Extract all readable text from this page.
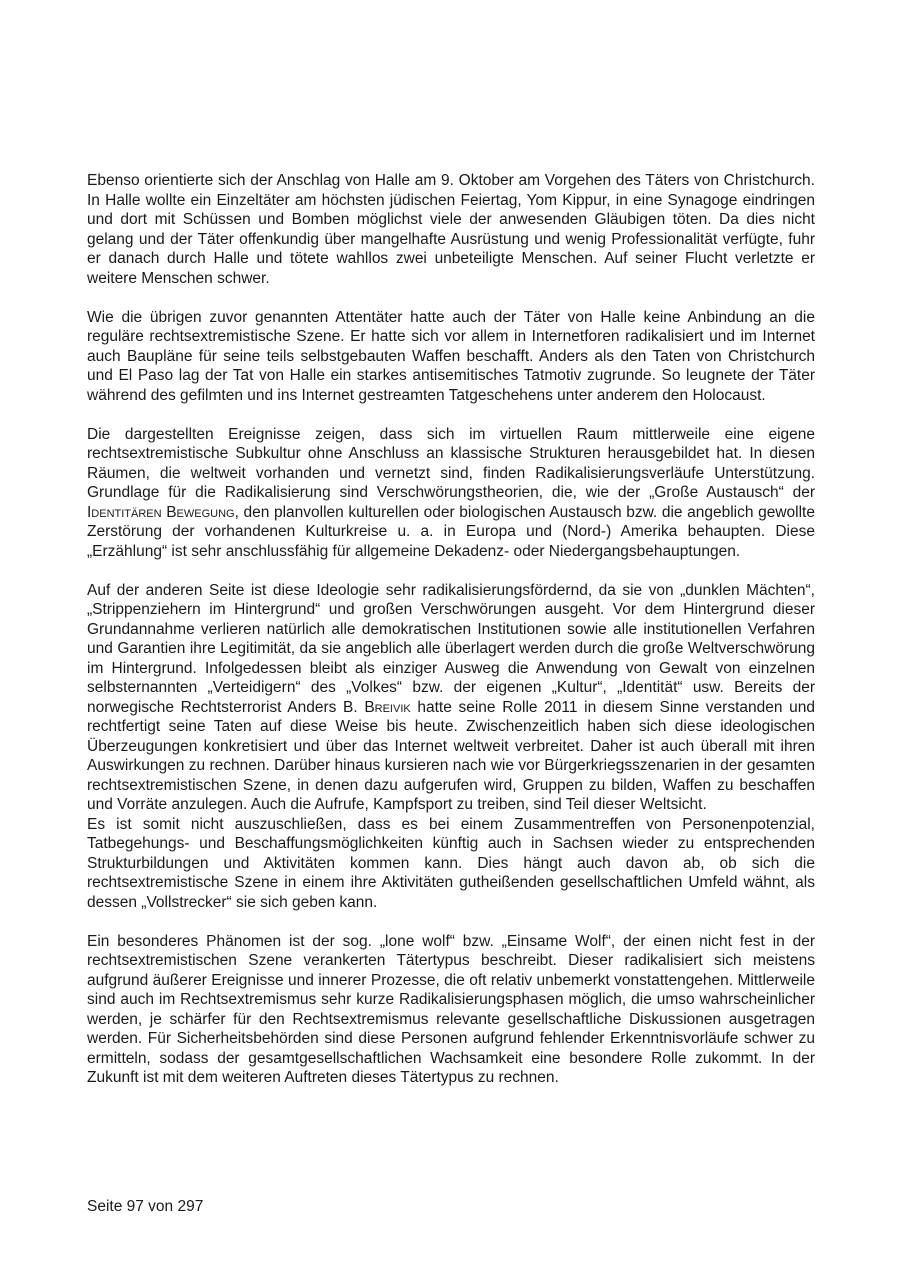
Ebenso orientierte sich der Anschlag von Halle am 9. Oktober am Vorgehen des Täters von Christchurch. In Halle wollte ein Einzeltäter am höchsten jüdischen Feiertag, Yom Kippur, in eine Synagoge eindringen und dort mit Schüssen und Bomben möglichst viele der anwesenden Gläubigen töten. Da dies nicht gelang und der Täter offenkundig über mangelhafte Ausrüstung und wenig Professionalität verfügte, fuhr er danach durch Halle und tötete wahllos zwei unbeteiligte Menschen. Auf seiner Flucht verletzte er weitere Menschen schwer.

Wie die übrigen zuvor genannten Attentäter hatte auch der Täter von Halle keine Anbindung an die reguläre rechtsextremistische Szene. Er hatte sich vor allem in Internetforen radikalisiert und im Internet auch Baupläne für seine teils selbstgebauten Waffen beschafft. Anders als den Taten von Christchurch und El Paso lag der Tat von Halle ein starkes antisemitisches Tatmotiv zugrunde. So leugnete der Täter während des gefilmten und ins Internet gestreamten Tatgeschehens unter anderem den Holocaust.

Die dargestellten Ereignisse zeigen, dass sich im virtuellen Raum mittlerweile eine eigene rechtsextremistische Subkultur ohne Anschluss an klassische Strukturen herausgebildet hat. In diesen Räumen, die weltweit vorhanden und vernetzt sind, finden Radikalisierungsverläufe Unterstützung. Grundlage für die Radikalisierung sind Verschwörungstheorien, die, wie der „Große Austausch“ der Identitären Bewegung, den planvollen kulturellen oder biologischen Austausch bzw. die angeblich gewollte Zerstörung der vorhandenen Kulturkreise u. a. in Europa und (Nord-) Amerika behaupten. Diese „Erzählung“ ist sehr anschlussfähig für allgemeine Dekadenz- oder Niedergangsbehauptungen.

Auf der anderen Seite ist diese Ideologie sehr radikalisierungsfördernd, da sie von „dunklen Mächten“, „Strippenziehern im Hintergrund“ und großen Verschwörungen ausgeht. Vor dem Hintergrund dieser Grundannahme verlieren natürlich alle demokratischen Institutionen sowie alle institutionellen Verfahren und Garantien ihre Legitimität, da sie angeblich alle überlagert werden durch die große Weltverschwörung im Hintergrund. Infolgedessen bleibt als einziger Ausweg die Anwendung von Gewalt von einzelnen selbsternannten „Verteidigern“ des „Volkes“ bzw. der eigenen „Kultur“, „Identität“ usw. Bereits der norwegische Rechtsterrorist Anders B. Breivik hatte seine Rolle 2011 in diesem Sinne verstanden und rechtfertigt seine Taten auf diese Weise bis heute. Zwischenzeitlich haben sich diese ideologischen Überzeugungen konkretisiert und über das Internet weltweit verbreitet. Daher ist auch überall mit ihren Auswirkungen zu rechnen. Darüber hinaus kursieren nach wie vor Bürgerkriegsszenarien in der gesamten rechtsextremistischen Szene, in denen dazu aufgerufen wird, Gruppen zu bilden, Waffen zu beschaffen und Vorräte anzulegen. Auch die Aufrufe, Kampfsport zu treiben, sind Teil dieser Weltsicht.

Es ist somit nicht auszuschließen, dass es bei einem Zusammentreffen von Personenpotenzial, Tatbegehungs- und Beschaffungsmöglichkeiten künftig auch in Sachsen wieder zu entsprechenden Strukturbildungen und Aktivitäten kommen kann. Dies hängt auch davon ab, ob sich die rechtsextremistische Szene in einem ihre Aktivitäten gutheißenden gesellschaftlichen Umfeld wähnt, als dessen „Vollstrecker“ sie sich geben kann.

Ein besonderes Phänomen ist der sog. „lone wolf“ bzw. „Einsame Wolf“, der einen nicht fest in der rechtsextremistischen Szene verankerten Tätertypus beschreibt. Dieser radikalisiert sich meistens aufgrund äußerer Ereignisse und innerer Prozesse, die oft relativ unbemerkt vonstattengehen. Mittlerweile sind auch im Rechtsextremismus sehr kurze Radikalisierungsphasen möglich, die umso wahrscheinlicher werden, je schärfer für den Rechtsextremismus relevante gesellschaftliche Diskussionen ausgetragen werden. Für Sicherheitsbehörden sind diese Personen aufgrund fehlender Erkenntnisvorläufe schwer zu ermitteln, sodass der gesamtgesellschaftlichen Wachsamkeit eine besondere Rolle zukommt. In der Zukunft ist mit dem weiteren Auftreten dieses Tätertypus zu rechnen.

Seite 97 von 297
